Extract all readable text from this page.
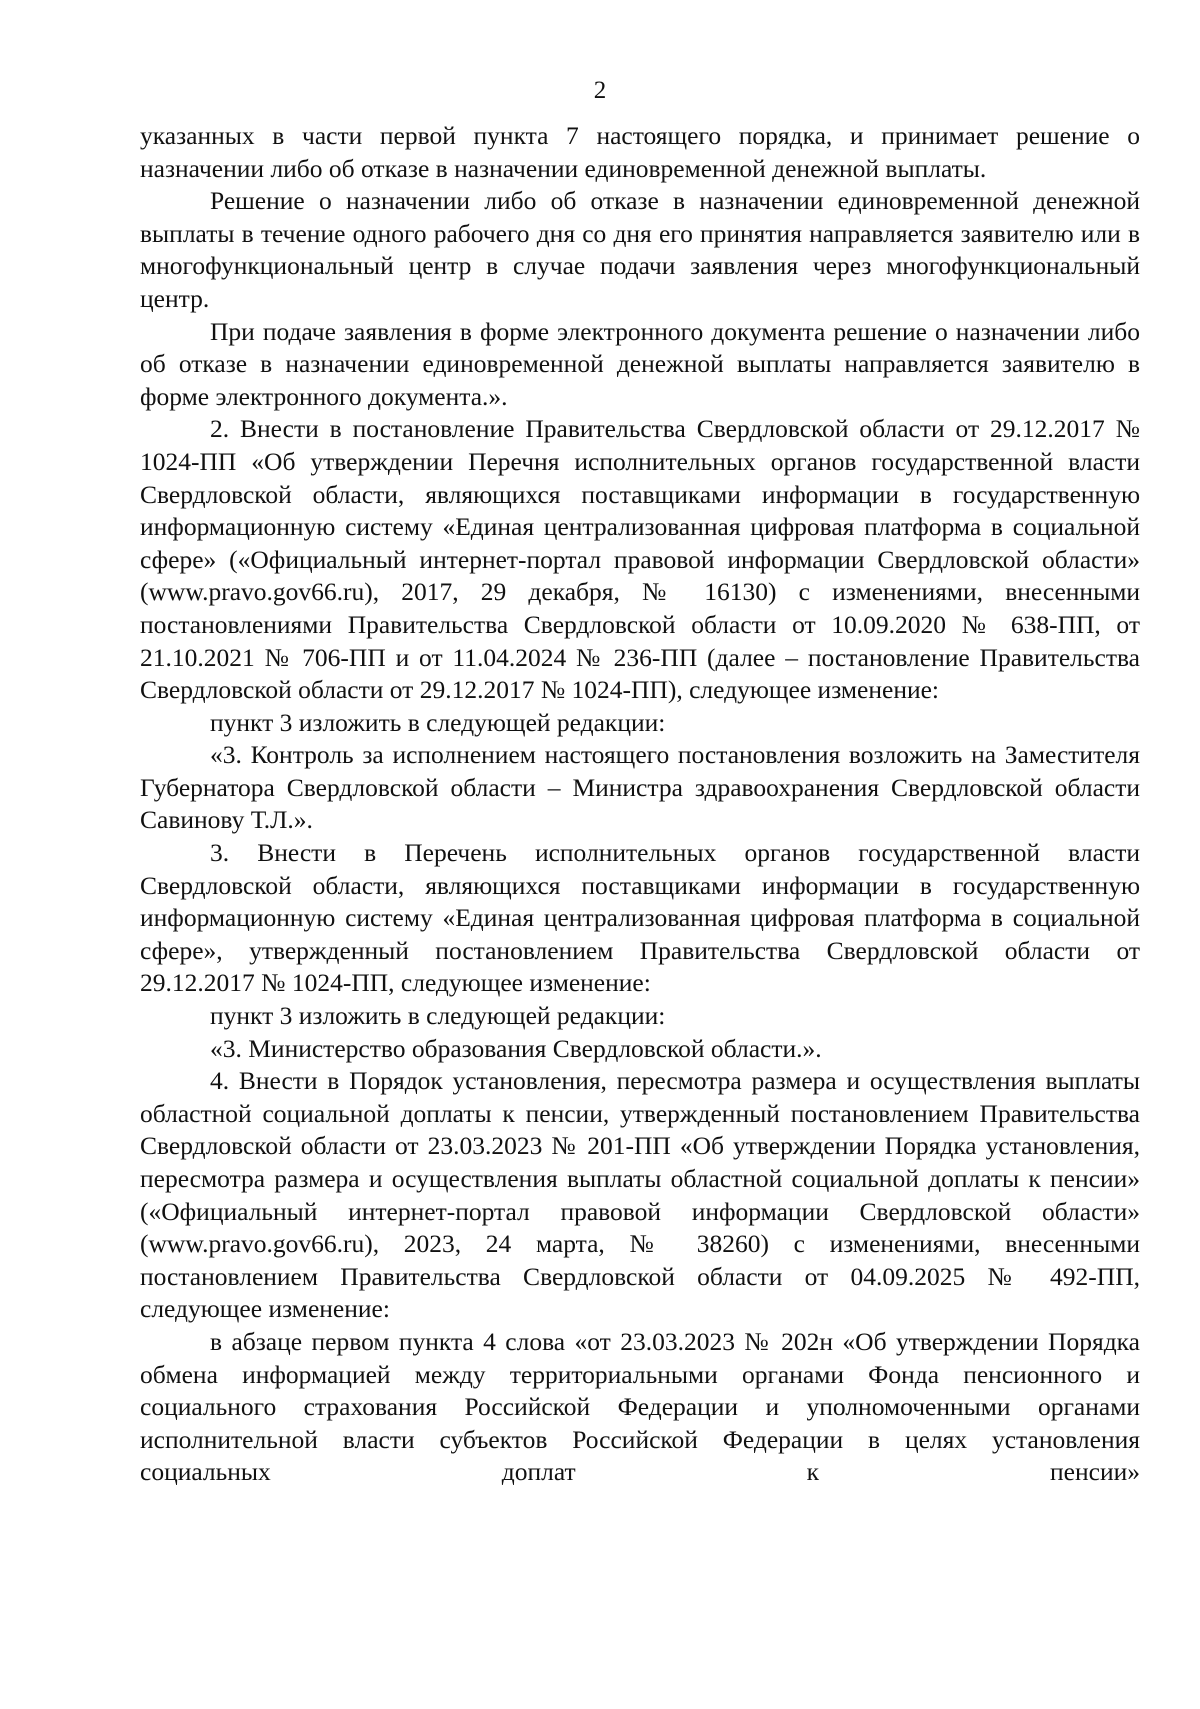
2

указанных в части первой пункта 7 настоящего порядка, и принимает решение о назначении либо об отказе в назначении единовременной денежной выплаты.

Решение о назначении либо об отказе в назначении единовременной денежной выплаты в течение одного рабочего дня со дня его принятия направляется заявителю или в многофункциональный центр в случае подачи заявления через многофункциональный центр.

При подаче заявления в форме электронного документа решение о назначении либо об отказе в назначении единовременной денежной выплаты направляется заявителю в форме электронного документа.».

2. Внести в постановление Правительства Свердловской области от 29.12.2017 № 1024-ПП «Об утверждении Перечня исполнительных органов государственной власти Свердловской области, являющихся поставщиками информации в государственную информационную систему «Единая централизованная цифровая платформа в социальной сфере» («Официальный интернет-портал правовой информации Свердловской области» (www.pravo.gov66.ru), 2017, 29 декабря, № 16130) с изменениями, внесенными постановлениями Правительства Свердловской области от 10.09.2020 № 638-ПП, от 21.10.2021 № 706-ПП и от 11.04.2024 № 236-ПП (далее – постановление Правительства Свердловской области от 29.12.2017 № 1024-ПП), следующее изменение:

пункт 3 изложить в следующей редакции:

«3. Контроль за исполнением настоящего постановления возложить на Заместителя Губернатора Свердловской области – Министра здравоохранения Свердловской области Савинову Т.Л.».

3. Внести в Перечень исполнительных органов государственной власти Свердловской области, являющихся поставщиками информации в государственную информационную систему «Единая централизованная цифровая платформа в социальной сфере», утвержденный постановлением Правительства Свердловской области от 29.12.2017 № 1024-ПП, следующее изменение:

пункт 3 изложить в следующей редакции:

«3. Министерство образования Свердловской области.».

4. Внести в Порядок установления, пересмотра размера и осуществления выплаты областной социальной доплаты к пенсии, утвержденный постановлением Правительства Свердловской области от 23.03.2023 № 201-ПП «Об утверждении Порядка установления, пересмотра размера и осуществления выплаты областной социальной доплаты к пенсии» («Официальный интернет-портал правовой информации Свердловской области» (www.pravo.gov66.ru), 2023, 24 марта, № 38260) с изменениями, внесенными постановлением Правительства Свердловской области от 04.09.2025 № 492-ПП, следующее изменение:

в абзаце первом пункта 4 слова «от 23.03.2023 № 202н «Об утверждении Порядка обмена информацией между территориальными органами Фонда пенсионного и социального страхования Российской Федерации и уполномоченными органами исполнительной власти субъектов Российской Федерации в целях установления социальных доплат к пенсии»
